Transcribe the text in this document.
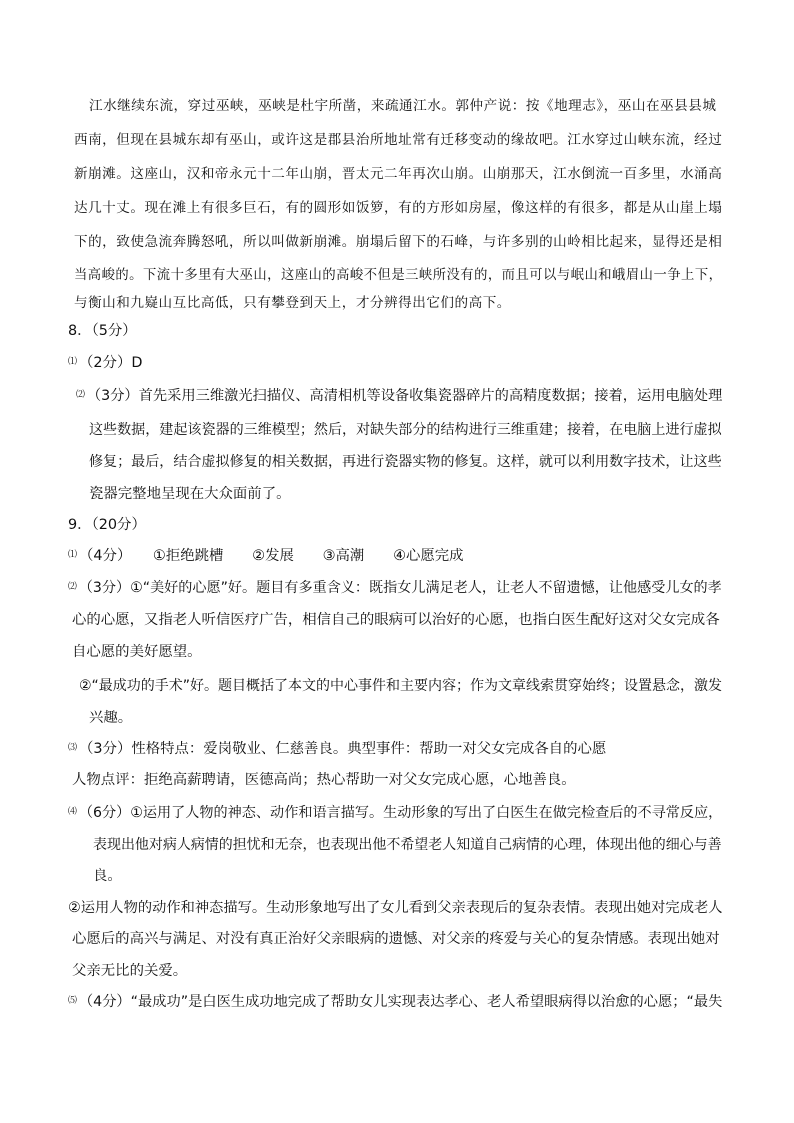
江水继续东流，穿过巫峡，巫峡是杜宇所凿，来疏通江水。郭仲产说：按《地理志》，巫山在巫县县城
西南，但现在县城东却有巫山，或许这是郡县治所地址常有迁移变动的缘故吧。江水穿过山峡东流，经过
新崩滩。这座山，汉和帝永元十二年山崩，晋太元二年再次山崩。山崩那天，江水倒流一百多里，水涌高
达几十丈。现在滩上有很多巨石，有的圆形如饭箩，有的方形如房屋，像这样的有很多，都是从山崖上塌
下的，致使急流奔腾怒吼，所以叫做新崩滩。崩塌后留下的石峰，与许多别的山岭相比起来，显得还是相
当高峻的。下流十多里有大巫山，这座山的高峻不但是三峡所没有的，而且可以与岷山和峨眉山一争上下，
与衡山和九嶷山互比高低，只有攀登到天上，才分辨得出它们的高下。
8．（5分）
⑴ （2分）D
⑵ （3分）首先采用三维激光扫描仪、高清相机等设备收集瓷器碎片的高精度数据；接着，运用电脑处理
这些数据，建起该瓷器的三维模型；然后，对缺失部分的结构进行三维重建；接着，在电脑上进行虚拟
修复；最后，结合虚拟修复的相关数据，再进行瓷器实物的修复。这样，就可以利用数字技术，让这些
瓷器完整地呈现在大众面前了。
9．（20分）
⑴ （4分）　　①拒绝跳槽　　②发展　　③高潮　　④心愿完成
⑵ （3分）①“美好的心愿”好。题目有多重含义：既指女儿满足老人，让老人不留遗憾，让他感受儿女的孝
心的心愿，又指老人听信医疗广告，相信自己的眼病可以治好的心愿，也指白医生配好这对父女完成各
自心愿的美好愿望。
②“最成功的手术”好。题目概括了本文的中心事件和主要内容；作为文章线索贯穿始终；设置悬念，激发
兴趣。
⑶ （3分）性格特点：爱岗敬业、仁慈善良。典型事件：帮助一对父女完成各自的心愿
人物点评：拒绝高薪聘请，医德高尚；热心帮助一对父女完成心愿，心地善良。
⑷ （6分）①运用了人物的神态、动作和语言描写。生动形象的写出了白医生在做完检查后的不寻常反应，
表现出他对病人病情的担忧和无奈，也表现出他不希望老人知道自己病情的心理，体现出他的细心与善
良。
②运用人物的动作和神态描写。生动形象地写出了女儿看到父亲表现后的复杂表情。表现出她对完成老人
心愿后的高兴与满足、对没有真正治好父亲眼病的遗憾、对父亲的疼爱与关心的复杂情感。表现出她对
父亲无比的关爱。
⑸ （4分）“最成功”是白医生成功地完成了帮助女儿实现表达孝心、老人希望眼病得以治愈的心愿；“最失
